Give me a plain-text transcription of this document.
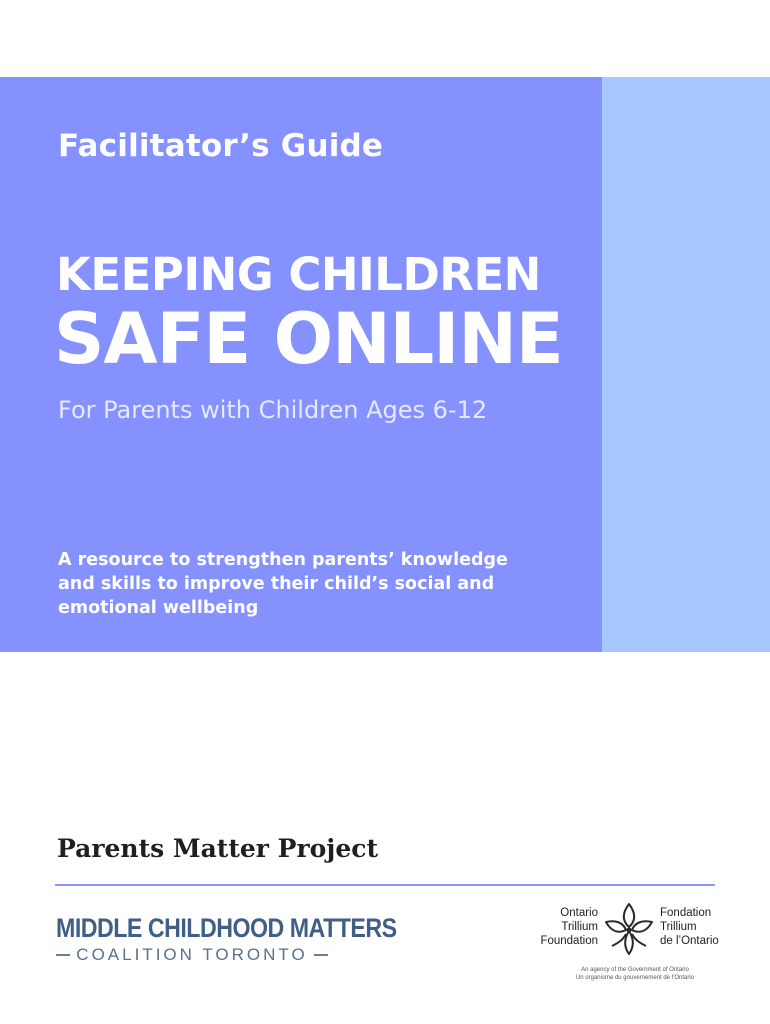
Facilitator’s Guide
KEEPING CHILDREN
SAFE ONLINE
For Parents with Children Ages 6-12
A resource to strengthen parents’ knowledge and skills to improve their child’s social and emotional wellbeing
Parents Matter Project
MIDDLE CHILDHOOD MATTERS
COALITION TORONTO
Ontario
Trillium
Foundation
Fondation
Trillium
de l’Ontario
An agency of the Government of Ontario
Un organisme du gouvernement de l’Ontario
